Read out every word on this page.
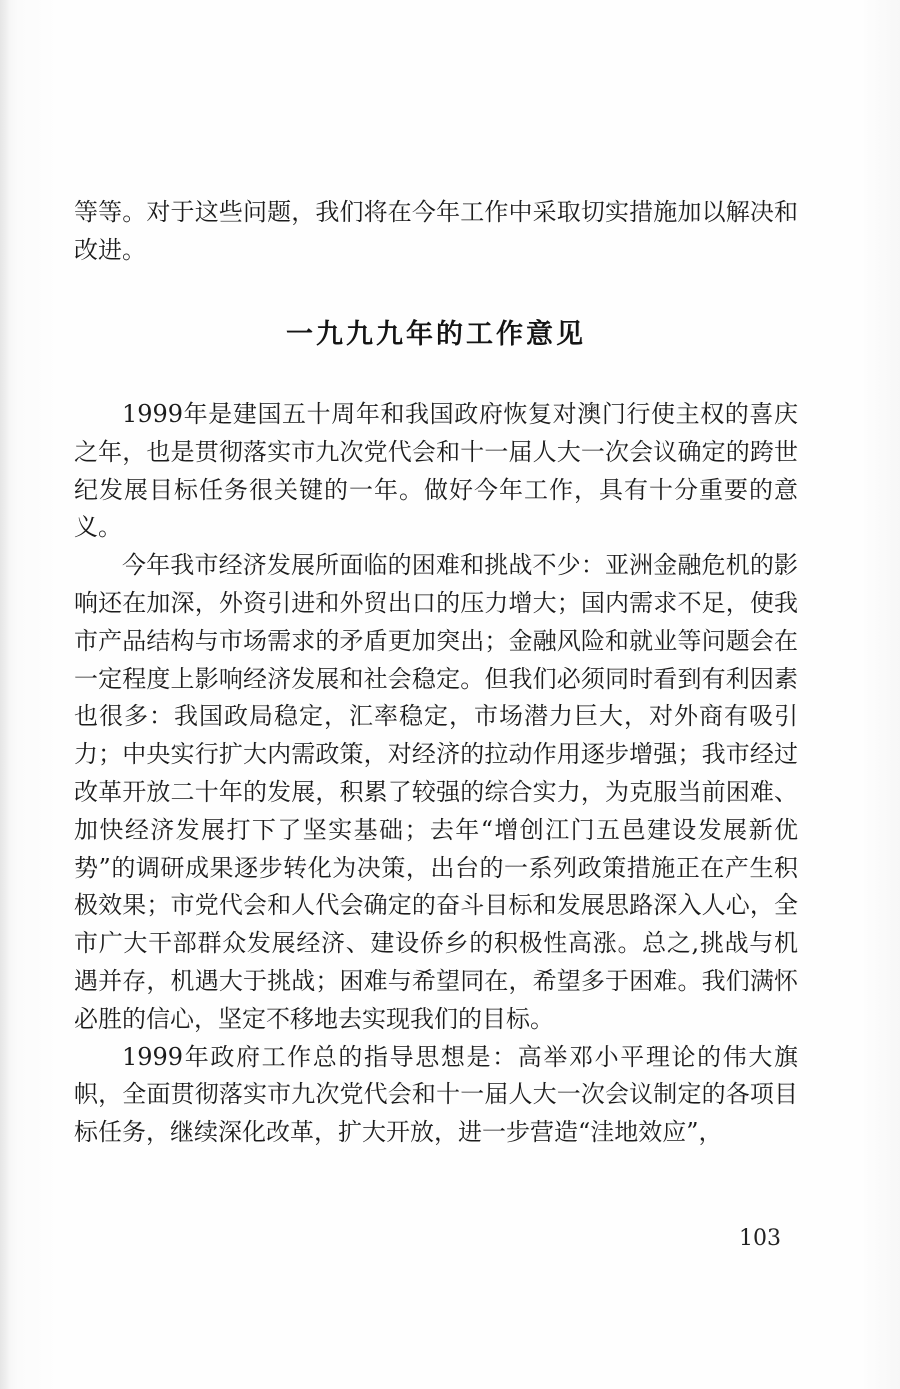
等等。对于这些问题，我们将在今年工作中采取切实措施加以解决和改进。

一九九九年的工作意见

1999年是建国五十周年和我国政府恢复对澳门行使主权的喜庆之年，也是贯彻落实市九次党代会和十一届人大一次会议确定的跨世纪发展目标任务很关键的一年。做好今年工作，具有十分重要的意义。

今年我市经济发展所面临的困难和挑战不少：亚洲金融危机的影响还在加深，外资引进和外贸出口的压力增大；国内需求不足，使我市产品结构与市场需求的矛盾更加突出；金融风险和就业等问题会在一定程度上影响经济发展和社会稳定。但我们必须同时看到有利因素也很多：我国政局稳定，汇率稳定，市场潜力巨大，对外商有吸引力；中央实行扩大内需政策，对经济的拉动作用逐步增强；我市经过改革开放二十年的发展，积累了较强的综合实力，为克服当前困难、加快经济发展打下了坚实基础；去年“增创江门五邑建设发展新优势”的调研成果逐步转化为决策，出台的一系列政策措施正在产生积极效果；市党代会和人代会确定的奋斗目标和发展思路深入人心，全市广大干部群众发展经济、建设侨乡的积极性高涨。总之,挑战与机遇并存，机遇大于挑战；困难与希望同在，希望多于困难。我们满怀必胜的信心，坚定不移地去实现我们的目标。

1999年政府工作总的指导思想是：高举邓小平理论的伟大旗帜，全面贯彻落实市九次党代会和十一届人大一次会议制定的各项目标任务，继续深化改革，扩大开放，进一步营造“洼地效应”，

103
